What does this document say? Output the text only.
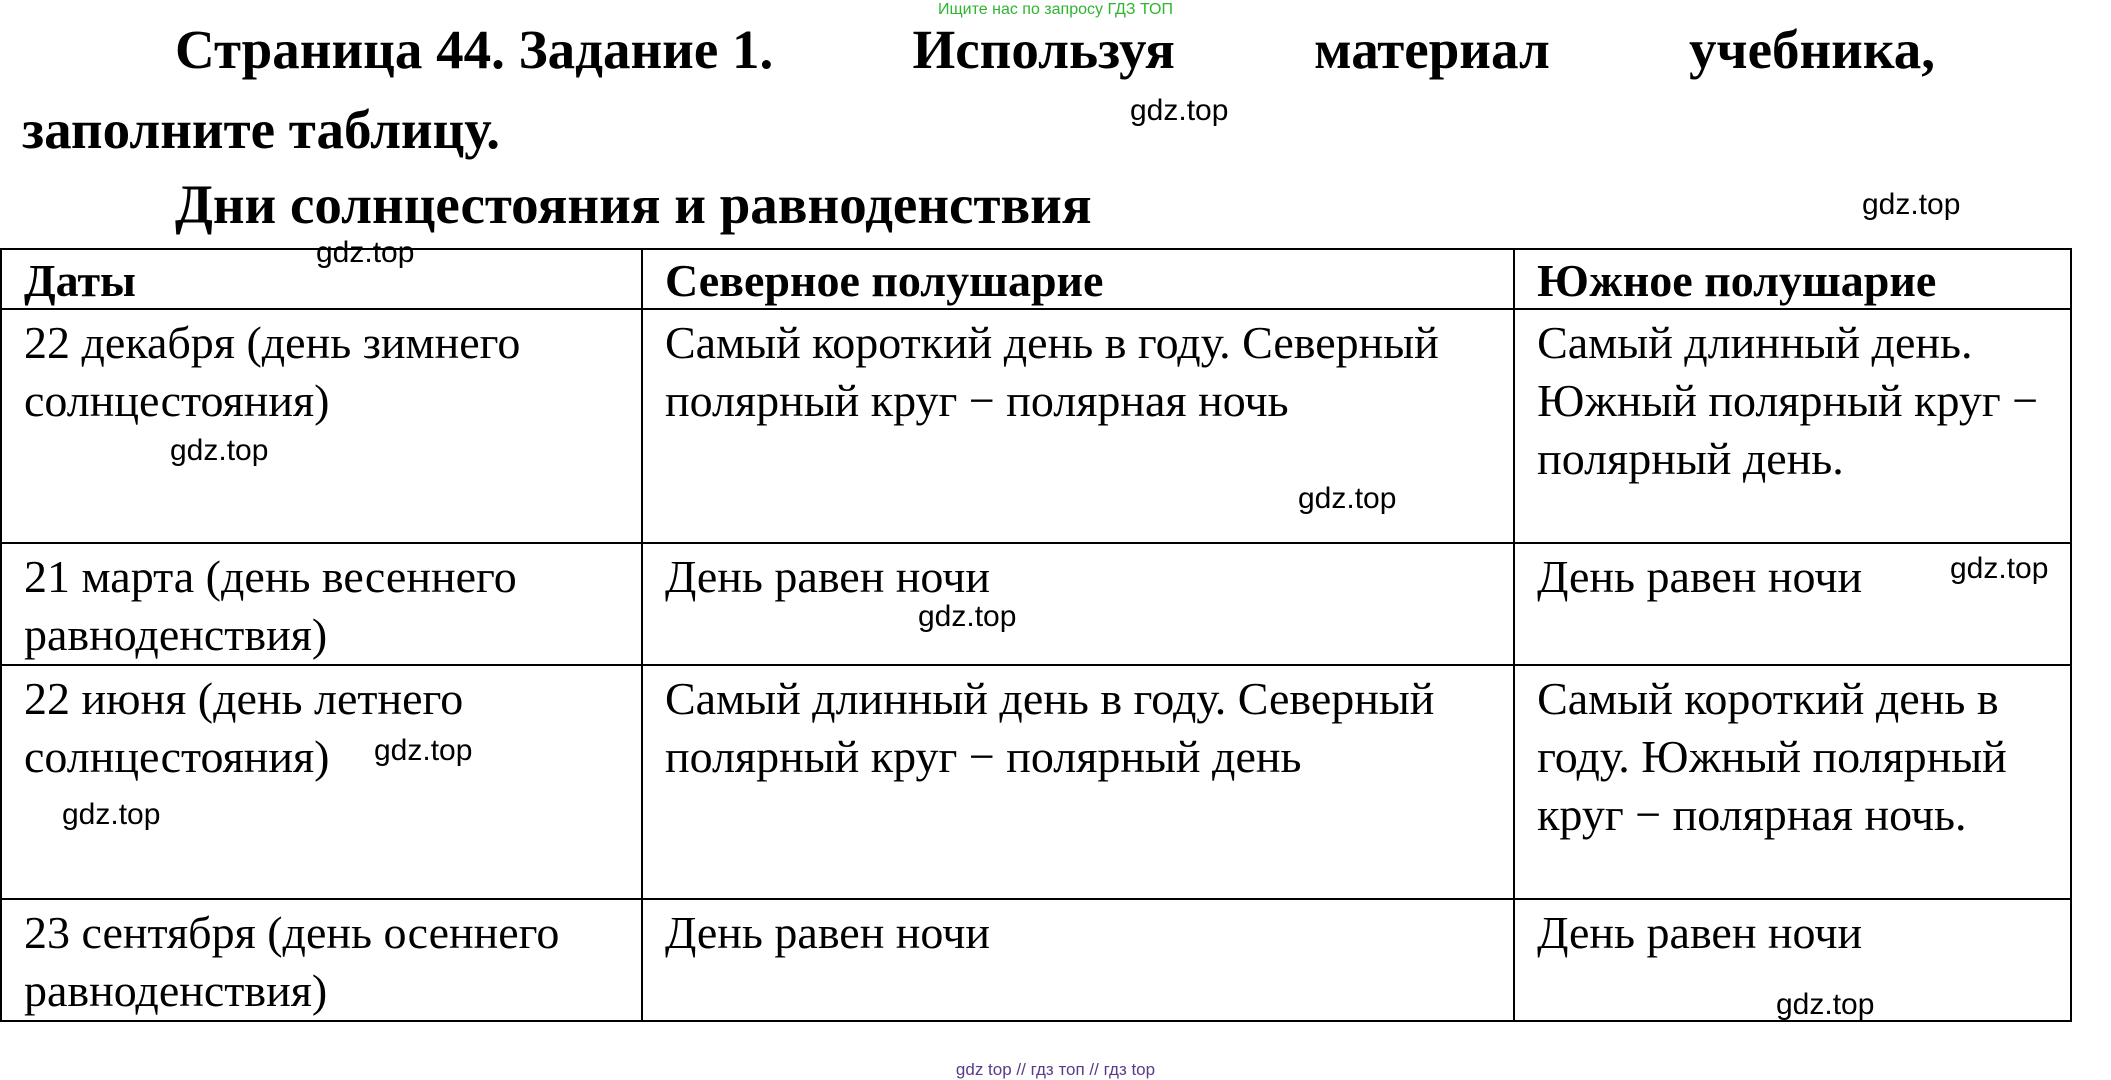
Ищите нас по запросу ГДЗ ТОП
Страница 44. Задание 1.	Используя	материал	учебника,
заполните таблицу.
Дни солнцестояния и равноденствия
Даты	Северное полушарие	Южное полушарие
22 декабря (день зимнего солнцестояния)	Самый короткий день в году. Северный полярный круг − полярная ночь	Самый длинный день. Южный полярный круг − полярный день.
21 марта (день весеннего равноденствия)	День равен ночи	День равен ночи
22 июня (день летнего солнцестояния)	Самый длинный день в году. Северный полярный круг − полярный день	Самый короткий день в году. Южный полярный круг − полярная ночь.
23 сентября (день осеннего равноденствия)	День равен ночи	День равен ночи
gdz.top
gdz.top
gdz.top
gdz.top
gdz.top
gdz.top
gdz.top
gdz.top
gdz.top
gdz.top
gdz top // гдз топ // гдз top
